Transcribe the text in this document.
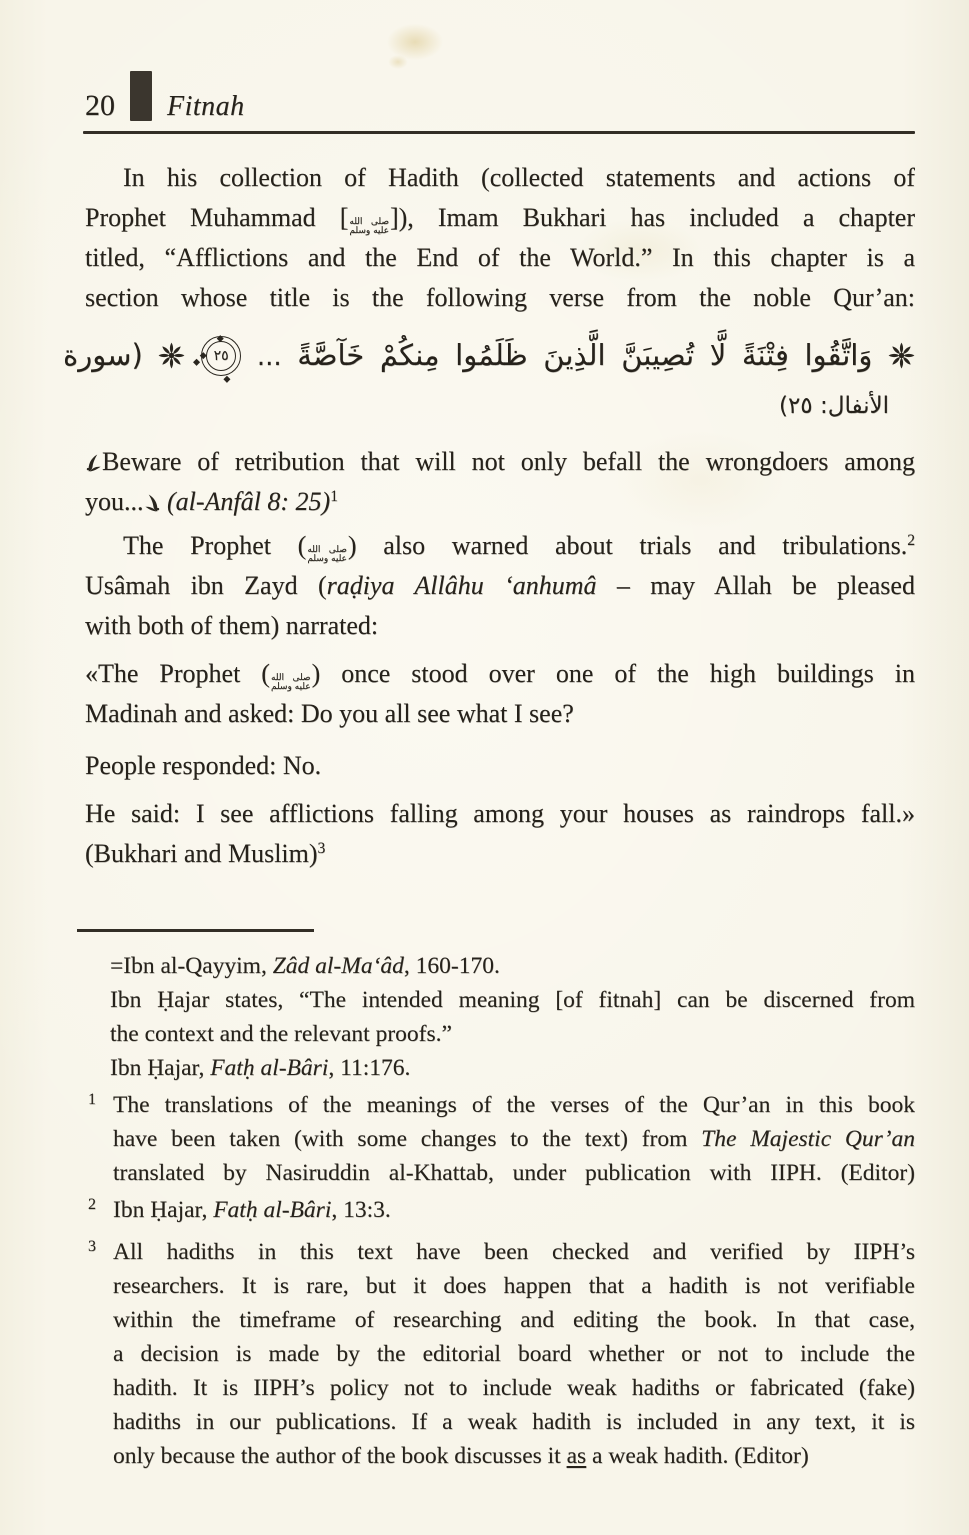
20 Fitnah
In his collection of Hadith (collected statements and actions of
Prophet Muhammad [ صلى الله
عليه وسلم ]), Imam Bukhari has included a chapter
titled, “Afflictions and the End of the World.” In this chapter is a
section whose title is the following verse from the noble Qur’an:
وَاتَّقُوا فِتْنَةً لَّا تُصِيبَنَّ الَّذِينَ ظَلَمُوا مِنكُمْ خَآصَّةً ...
٢٥
(سورة
الأنفال: ٢٥)
Beware of retribution that will not only befall the wrongdoers among
you... (al-Anfâl 8: 25)$^1$
The Prophet ( صلى الله
عليه وسلم ) also warned about trials and tribulations.$^2$
Usâmah ibn Zayd (raḍiya Allâhu ‘anhumâ – may Allah be pleased
with both of them) narrated:
«The Prophet ( صلى الله
عليه وسلم ) once stood over one of the high buildings in
Madinah and asked: Do you all see what I see?
People responded: No.
He said: I see afflictions falling among your houses as raindrops fall.»
(Bukhari and Muslim)$^3$
=Ibn al-Qayyim, Zâd al-Ma‘âd, 160-170.
Ibn Ḥajar states, “The intended meaning [of fitnah] can be discerned from
the context and the relevant proofs.”
Ibn Ḥajar, Fatḥ al-Bâri, 11:176.
1 The translations of the meanings of the verses of the Qur’an in this book
have been taken (with some changes to the text) from The Majestic Qur’an
translated by Nasiruddin al-Khattab, under publication with IIPH. (Editor)
2 Ibn Ḥajar, Fatḥ al-Bâri, 13:3.
3 All hadiths in this text have been checked and verified by IIPH’s
researchers. It is rare, but it does happen that a hadith is not verifiable
within the timeframe of researching and editing the book. In that case,
a decision is made by the editorial board whether or not to include the
hadith. It is IIPH’s policy not to include weak hadiths or fabricated (fake)
hadiths in our publications. If a weak hadith is included in any text, it is
only because the author of the book discusses it as a weak hadith. (Editor)
